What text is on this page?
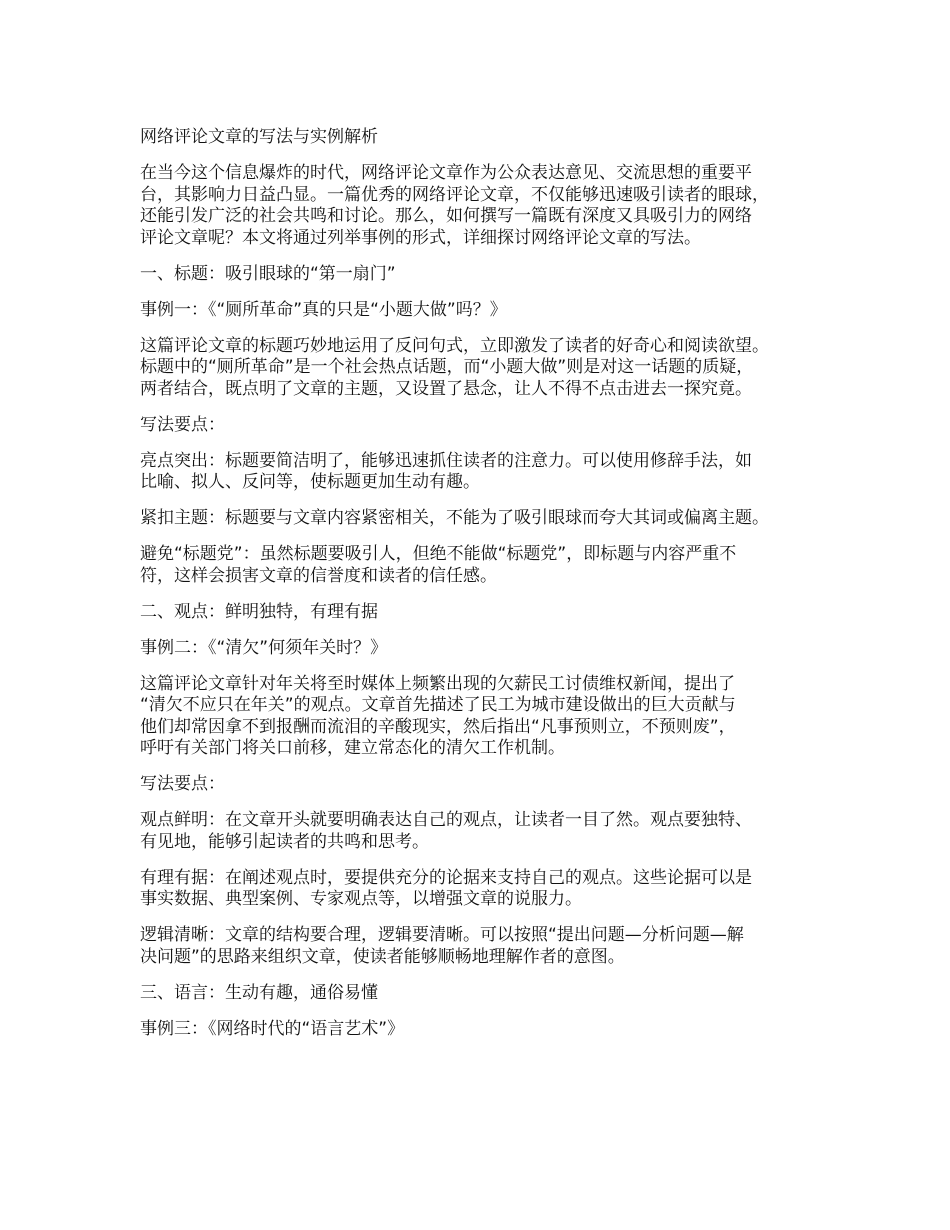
网络评论文章的写法与实例解析
在当今这个信息爆炸的时代，网络评论文章作为公众表达意见、交流思想的重要平
台，其影响力日益凸显。一篇优秀的网络评论文章，不仅能够迅速吸引读者的眼球，
还能引发广泛的社会共鸣和讨论。那么，如何撰写一篇既有深度又具吸引力的网络
评论文章呢？本文将通过列举事例的形式，详细探讨网络评论文章的写法。
一、标题：吸引眼球的“第一扇门”
事例一：《“厕所革命”真的只是“小题大做”吗？》
这篇评论文章的标题巧妙地运用了反问句式，立即激发了读者的好奇心和阅读欲望。
标题中的“厕所革命”是一个社会热点话题，而“小题大做”则是对这一话题的质疑，
两者结合，既点明了文章的主题，又设置了悬念，让人不得不点击进去一探究竟。
写法要点：
亮点突出：标题要简洁明了，能够迅速抓住读者的注意力。可以使用修辞手法，如
比喻、拟人、反问等，使标题更加生动有趣。
紧扣主题：标题要与文章内容紧密相关，不能为了吸引眼球而夸大其词或偏离主题。
避免“标题党”：虽然标题要吸引人，但绝不能做“标题党”，即标题与内容严重不
符，这样会损害文章的信誉度和读者的信任感。
二、观点：鲜明独特，有理有据
事例二：《“清欠”何须年关时？》
这篇评论文章针对年关将至时媒体上频繁出现的欠薪民工讨债维权新闻，提出了
“清欠不应只在年关”的观点。文章首先描述了民工为城市建设做出的巨大贡献与
他们却常因拿不到报酬而流泪的辛酸现实，然后指出“凡事预则立，不预则废”，
呼吁有关部门将关口前移，建立常态化的清欠工作机制。
写法要点：
观点鲜明：在文章开头就要明确表达自己的观点，让读者一目了然。观点要独特、
有见地，能够引起读者的共鸣和思考。
有理有据：在阐述观点时，要提供充分的论据来支持自己的观点。这些论据可以是
事实数据、典型案例、专家观点等，以增强文章的说服力。
逻辑清晰：文章的结构要合理，逻辑要清晰。可以按照“提出问题—分析问题—解
决问题”的思路来组织文章，使读者能够顺畅地理解作者的意图。
三、语言：生动有趣，通俗易懂
事例三：《网络时代的“语言艺术”》
